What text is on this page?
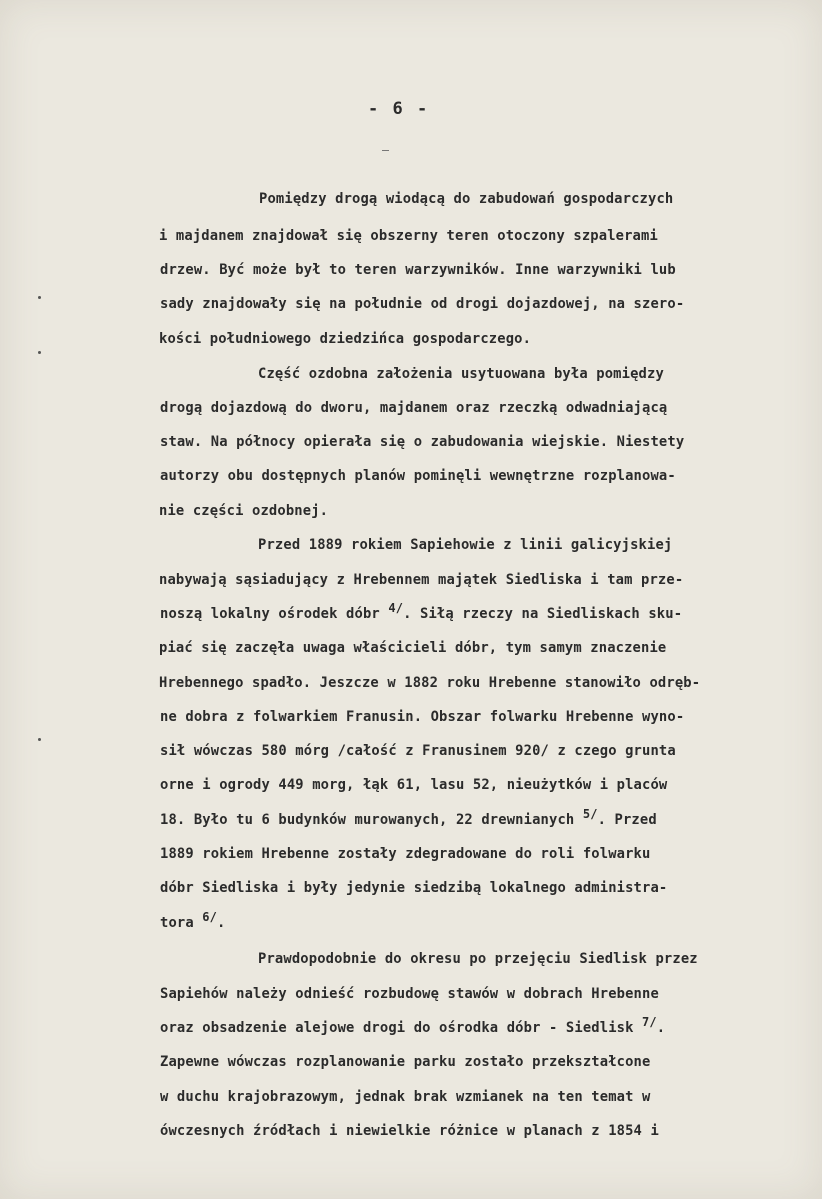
- 6 -
Pomiędzy drogą wiodącą do zabudowań gospodarczych
i majdanem znajdował się obszerny teren otoczony szpalerami
drzew. Być może był to teren warzywników. Inne warzywniki lub
sady znajdowały się na południe od drogi dojazdowej, na szero-
kości południowego dziedzińca gospodarczego.
Część ozdobna założenia usytuowana była pomiędzy
drogą dojazdową do dworu, majdanem oraz rzeczką odwadniającą
staw. Na północy opierała się o zabudowania wiejskie. Niestety
autorzy obu dostępnych planów pominęli wewnętrzne rozplanowa-
nie części ozdobnej.
Przed 1889 rokiem Sapiehowie z linii galicyjskiej
nabywają sąsiadujący z Hrebennem majątek Siedliska i tam prze-
noszą lokalny ośrodek dóbr 4/. Siłą rzeczy na Siedliskach sku-
piać się zaczęła uwaga właścicieli dóbr, tym samym znaczenie
Hrebennego spadło. Jeszcze w 1882 roku Hrebenne stanowiło odręb-
ne dobra z folwarkiem Franusin. Obszar folwarku Hrebenne wyno-
sił wówczas 580 mórg /całość z Franusinem 920/ z czego grunta
orne i ogrody 449 morg, łąk 61, lasu 52, nieużytków i placów
18. Było tu 6 budynków murowanych, 22 drewnianych 5/. Przed
1889 rokiem Hrebenne zostały zdegradowane do roli folwarku
dóbr Siedliska i były jedynie siedzibą lokalnego administra-
tora 6/.
Prawdopodobnie do okresu po przejęciu Siedlisk przez
Sapiehów należy odnieść rozbudowę stawów w dobrach Hrebenne
oraz obsadzenie alejowe drogi do ośrodka dóbr - Siedlisk 7/.
Zapewne wówczas rozplanowanie parku zostało przekształcone
w duchu krajobrazowym, jednak brak wzmianek na ten temat w
ówczesnych źródłach i niewielkie różnice w planach z 1854 i
